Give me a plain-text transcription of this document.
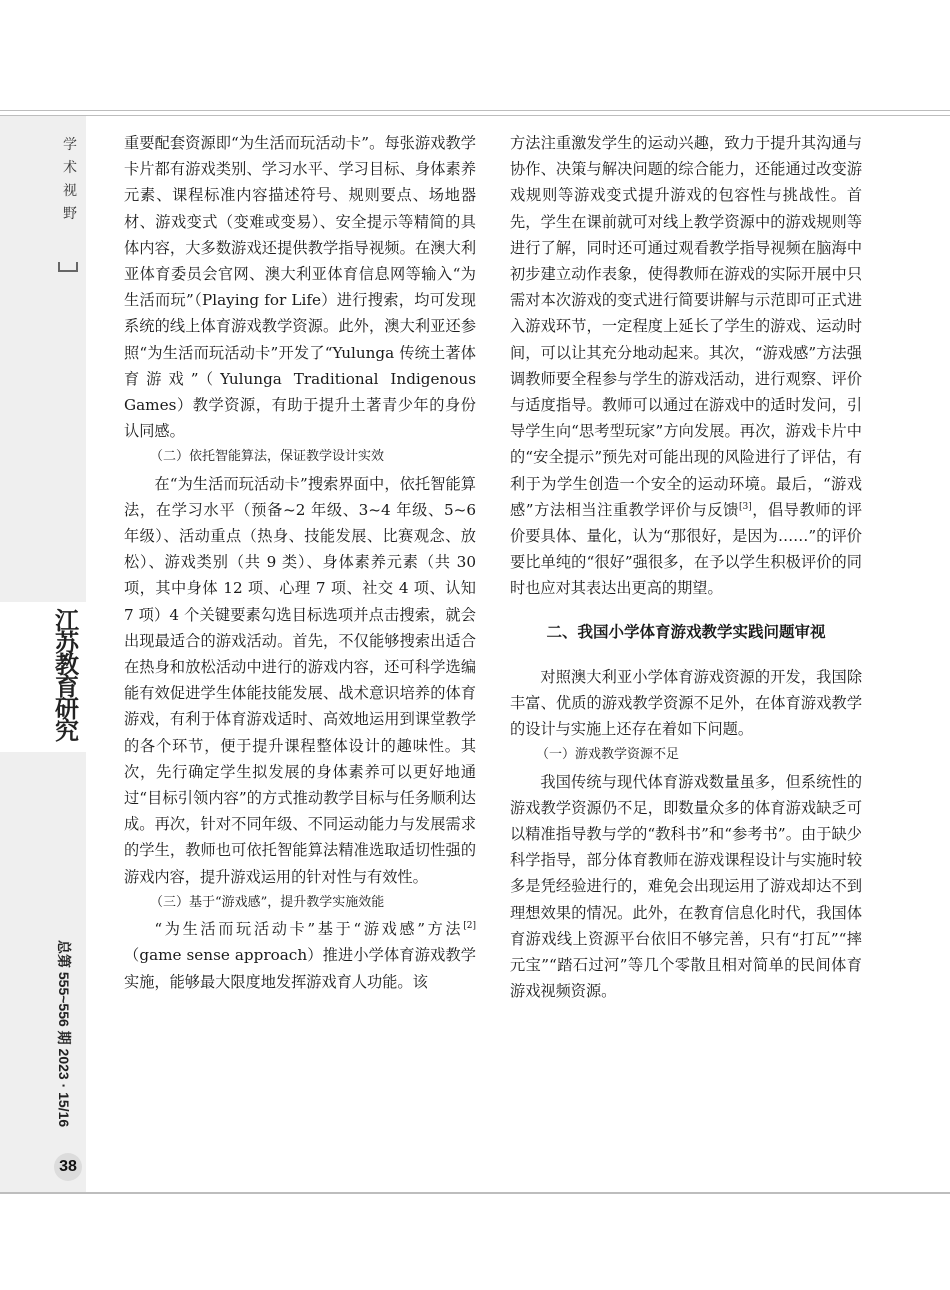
学术视野
江苏教育研究
总第 555~556 期 2023 · 15/16
38

重要配套资源即“为生活而玩活动卡”。每张游戏教学卡片都有游戏类别、学习水平、学习目标、身体素养元素、课程标准内容描述符号、规则要点、场地器材、游戏变式（变难或变易）、安全提示等精简的具体内容，大多数游戏还提供教学指导视频。在澳大利亚体育委员会官网、澳大利亚体育信息网等输入“为生活而玩”（Playing for Life）进行搜索，均可发现系统的线上体育游戏教学资源。此外，澳大利亚还参照“为生活而玩活动卡”开发了“Yulunga 传统土著体育游戏”（Yulunga Traditional Indigenous Games）教学资源，有助于提升土著青少年的身份认同感。

（二）依托智能算法，保证教学设计实效

在“为生活而玩活动卡”搜索界面中，依托智能算法，在学习水平（预备~2 年级、3~4 年级、5~6 年级）、活动重点（热身、技能发展、比赛观念、放松）、游戏类别（共 9 类）、身体素养元素（共 30 项，其中身体 12 项、心理 7 项、社交 4 项、认知 7 项）4 个关键要素勾选目标选项并点击搜索，就会出现最适合的游戏活动。首先，不仅能够搜索出适合在热身和放松活动中进行的游戏内容，还可科学选编能有效促进学生体能技能发展、战术意识培养的体育游戏，有利于体育游戏适时、高效地运用到课堂教学的各个环节，便于提升课程整体设计的趣味性。其次，先行确定学生拟发展的身体素养可以更好地通过“目标引领内容”的方式推动教学目标与任务顺利达成。再次，针对不同年级、不同运动能力与发展需求的学生，教师也可依托智能算法精准选取适切性强的游戏内容，提升游戏运用的针对性与有效性。

（三）基于“游戏感”，提升教学实施效能

“为生活而玩活动卡”基于“游戏感”方法[2]（game sense approach）推进小学体育游戏教学实施，能够最大限度地发挥游戏育人功能。该

方法注重激发学生的运动兴趣，致力于提升其沟通与协作、决策与解决问题的综合能力，还能通过改变游戏规则等游戏变式提升游戏的包容性与挑战性。首先，学生在课前就可对线上教学资源中的游戏规则等进行了解，同时还可通过观看教学指导视频在脑海中初步建立动作表象，使得教师在游戏的实际开展中只需对本次游戏的变式进行简要讲解与示范即可正式进入游戏环节，一定程度上延长了学生的游戏、运动时间，可以让其充分地动起来。其次，“游戏感”方法强调教师要全程参与学生的游戏活动，进行观察、评价与适度指导。教师可以通过在游戏中的适时发问，引导学生向“思考型玩家”方向发展。再次，游戏卡片中的“安全提示”预先对可能出现的风险进行了评估，有利于为学生创造一个安全的运动环境。最后，“游戏感”方法相当注重教学评价与反馈[3]，倡导教师的评价要具体、量化，认为“那很好，是因为……”的评价要比单纯的“很好”强很多，在予以学生积极评价的同时也应对其表达出更高的期望。

二、我国小学体育游戏教学实践问题审视

对照澳大利亚小学体育游戏资源的开发，我国除丰富、优质的游戏教学资源不足外，在体育游戏教学的设计与实施上还存在着如下问题。

（一）游戏教学资源不足

我国传统与现代体育游戏数量虽多，但系统性的游戏教学资源仍不足，即数量众多的体育游戏缺乏可以精准指导教与学的“教科书”和“参考书”。由于缺少科学指导，部分体育教师在游戏课程设计与实施时较多是凭经验进行的，难免会出现运用了游戏却达不到理想效果的情况。此外，在教育信息化时代，我国体育游戏线上资源平台依旧不够完善，只有“打瓦”“摔元宝”“踏石过河”等几个零散且相对简单的民间体育游戏视频资源。
